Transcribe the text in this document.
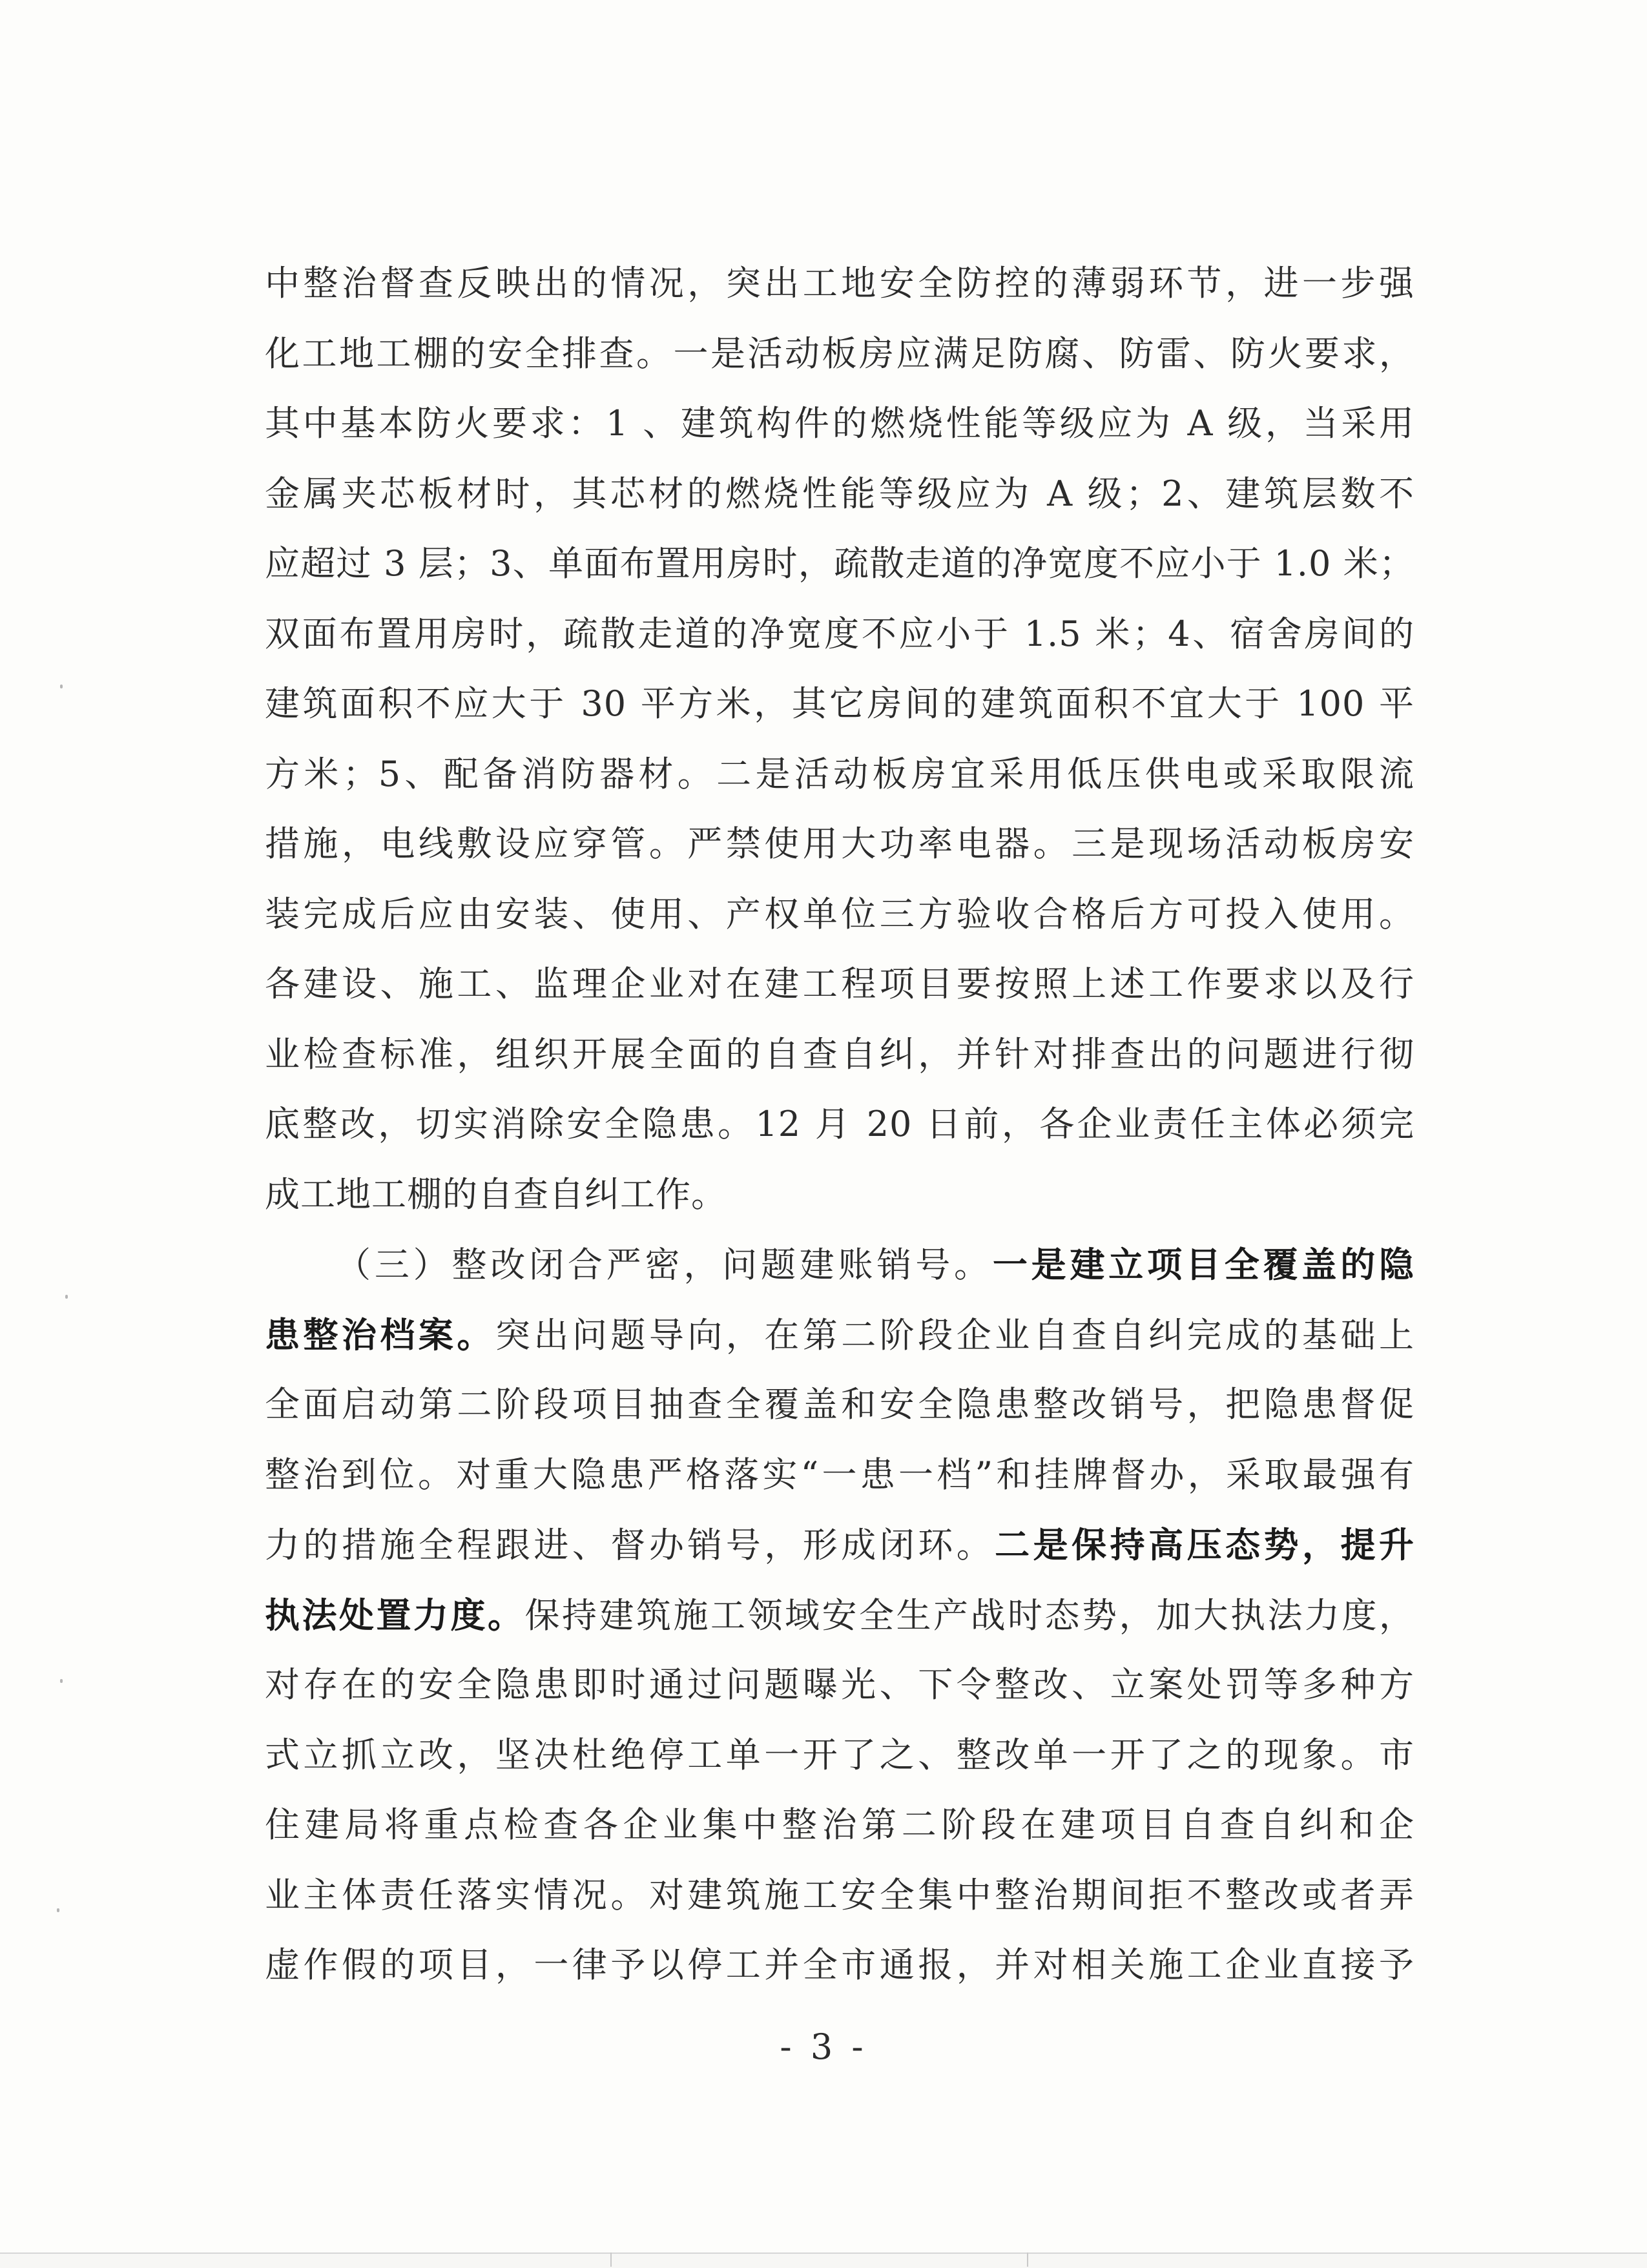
中整治督查反映出的情况，突出工地安全防控的薄弱环节，进一步强
化工地工棚的安全排查。一是活动板房应满足防腐、防雷、防火要求，
其中基本防火要求：1 、建筑构件的燃烧性能等级应为 A 级，当采用
金属夹芯板材时，其芯材的燃烧性能等级应为 A 级；2、建筑层数不
应超过 3 层；3、单面布置用房时，疏散走道的净宽度不应小于 1.0 米；
双面布置用房时，疏散走道的净宽度不应小于 1.5 米；4、宿舍房间的
建筑面积不应大于 30 平方米，其它房间的建筑面积不宜大于 100 平
方米；5、配备消防器材。二是活动板房宜采用低压供电或采取限流
措施，电线敷设应穿管。严禁使用大功率电器。三是现场活动板房安
装完成后应由安装、使用、产权单位三方验收合格后方可投入使用。
各建设、施工、监理企业对在建工程项目要按照上述工作要求以及行
业检查标准，组织开展全面的自查自纠，并针对排查出的问题进行彻
底整改，切实消除安全隐患。12 月 20 日前，各企业责任主体必须完
成工地工棚的自查自纠工作。
（三）整改闭合严密，问题建账销号。一是建立项目全覆盖的隐
患整治档案。突出问题导向，在第二阶段企业自查自纠完成的基础上
全面启动第二阶段项目抽查全覆盖和安全隐患整改销号，把隐患督促
整治到位。对重大隐患严格落实“一患一档”和挂牌督办，采取最强有
力的措施全程跟进、督办销号，形成闭环。二是保持高压态势，提升
执法处置力度。保持建筑施工领域安全生产战时态势，加大执法力度，
对存在的安全隐患即时通过问题曝光、下令整改、立案处罚等多种方
式立抓立改，坚决杜绝停工单一开了之、整改单一开了之的现象。市
住建局将重点检查各企业集中整治第二阶段在建项目自查自纠和企
业主体责任落实情况。对建筑施工安全集中整治期间拒不整改或者弄
虚作假的项目，一律予以停工并全市通报，并对相关施工企业直接予
- 3 -
